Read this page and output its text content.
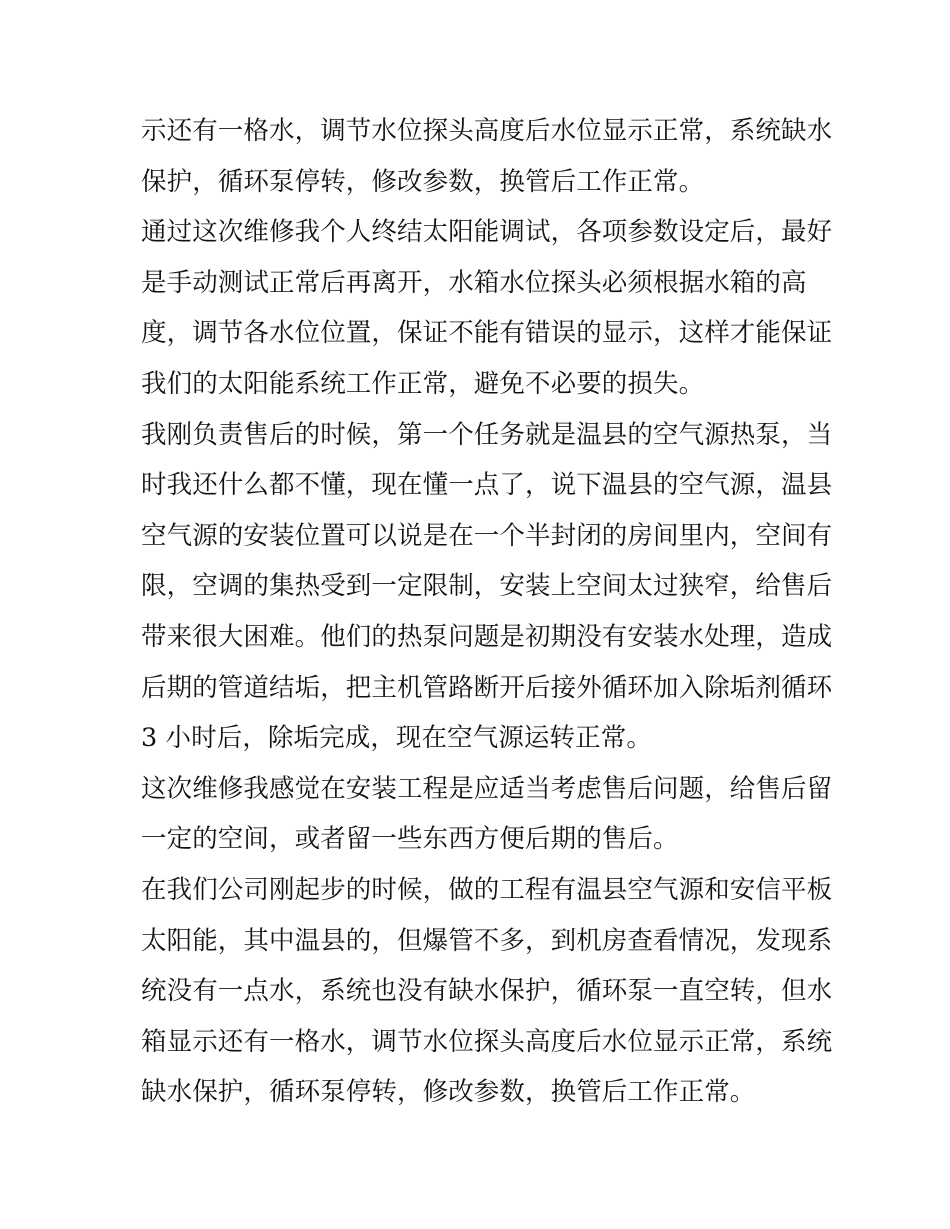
示还有一格水，调节水位探头高度后水位显示正常，系统缺水
保护，循环泵停转，修改参数，换管后工作正常。
通过这次维修我个人终结太阳能调试，各项参数设定后，最好
是手动测试正常后再离开，水箱水位探头必须根据水箱的高
度，调节各水位位置，保证不能有错误的显示，这样才能保证
我们的太阳能系统工作正常，避免不必要的损失。
我刚负责售后的时候，第一个任务就是温县的空气源热泵，当
时我还什么都不懂，现在懂一点了，说下温县的空气源，温县
空气源的安装位置可以说是在一个半封闭的房间里内，空间有
限，空调的集热受到一定限制，安装上空间太过狭窄，给售后
带来很大困难。他们的热泵问题是初期没有安装水处理，造成
后期的管道结垢，把主机管路断开后接外循环加入除垢剂循环
3 小时后，除垢完成，现在空气源运转正常。
这次维修我感觉在安装工程是应适当考虑售后问题，给售后留
一定的空间，或者留一些东西方便后期的售后。
在我们公司刚起步的时候，做的工程有温县空气源和安信平板
太阳能，其中温县的，但爆管不多，到机房查看情况，发现系
统没有一点水，系统也没有缺水保护，循环泵一直空转，但水
箱显示还有一格水，调节水位探头高度后水位显示正常，系统
缺水保护，循环泵停转，修改参数，换管后工作正常。
